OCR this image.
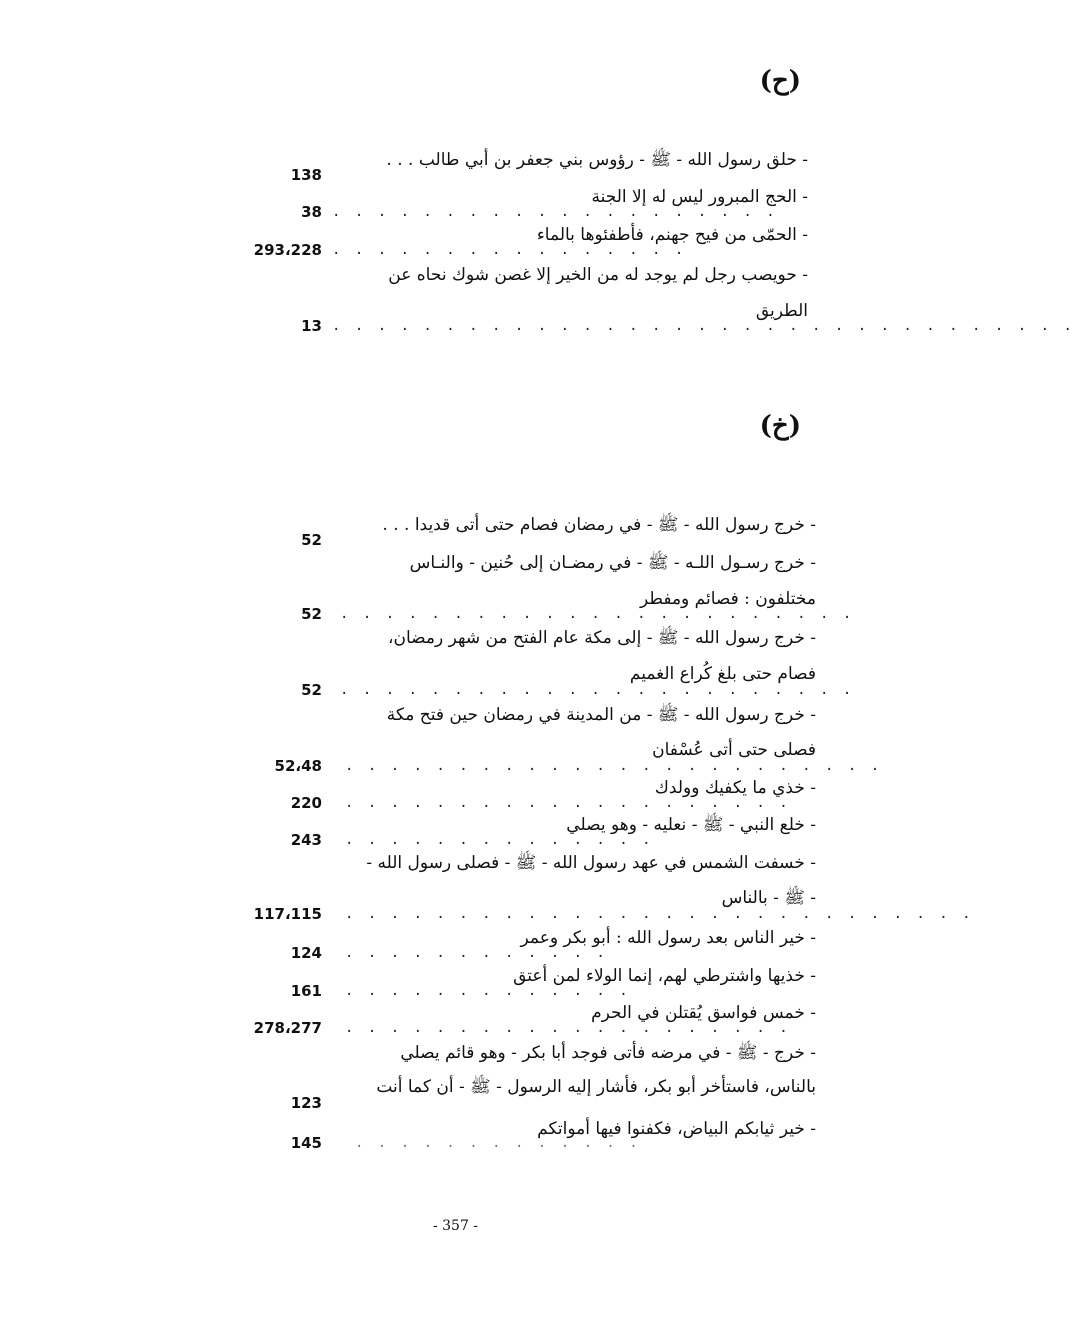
(ح)
- حلق رسول الله - ﷺ - رؤوس بني جعفر بن أبي طالب . . .
138
- الحج المبرور ليس له إلا الجنة
. . . . . . . . . . . . . . . . . . . .
38
- الحمّى من فيح جهنم، فأطفئوها بالماء
. . . . . . . . . . . . . . . .
293،228
- حويصب رجل لم يوجد له من الخير إلا غصن شوك نحاه عن
الطريق
. . . . . . . . . . . . . . . . . . . . . . . . . . . . . . . . .
13
(خ)
- خرج رسول الله - ﷺ - في رمضان فصام حتى أتى قديدا . . .
52
- خرج رسـول اللـه - ﷺ - في رمضـان إلى حُنين - والنـاس
مختلفون : فصائم ومفطر
. . . . . . . . . . . . . . . . . . . . . . .
52
- خرج رسول الله - ﷺ - إلى مكة عام الفتح من شهر رمضان،
فصام حتى بلغ كُراع الغميم
. . . . . . . . . . . . . . . . . . . . . . .
52
- خرج رسول الله - ﷺ - من المدينة في رمضان حين فتح مكة
فصلى حتى أتى عُسْفان
. . . . . . . . . . . . . . . . . . . . . . . .
52،48
- خذي ما يكفيك وولدك
. . . . . . . . . . . . . . . . . . . .
220
- خلع النبي - ﷺ - نعليه - وهو يصلي
. . . . . . . . . . . . . .
243
- خسفت الشمس في عهد رسول الله - ﷺ - فصلى رسول الله -
- ﷺ - بالناس
. . . . . . . . . . . . . . . . . . . . . . . . . . . .
117،115
- خير الناس بعد رسول الله : أبو بكر وعمر
. . . . . . . . . . . .
124
- خذيها واشترطي لهم، إنما الولاء لمن أعتق
. . . . . . . . . . . . .
161
- خمس فواسق يُقتلن في الحرم
. . . . . . . . . . . . . . . . . . . .
278،277
- خرج - ﷺ - في مرضه فأتى فوجد أبا بكر - وهو قائم يصلي
بالناس، فاستأخر أبو بكر، فأشار إليه الرسول - ﷺ - أن كما أنت
123
- خير ثيابكم البياض، فكفنوا فيها أمواتكم
. . . . . . . . . . . . .
145
- 357 -
